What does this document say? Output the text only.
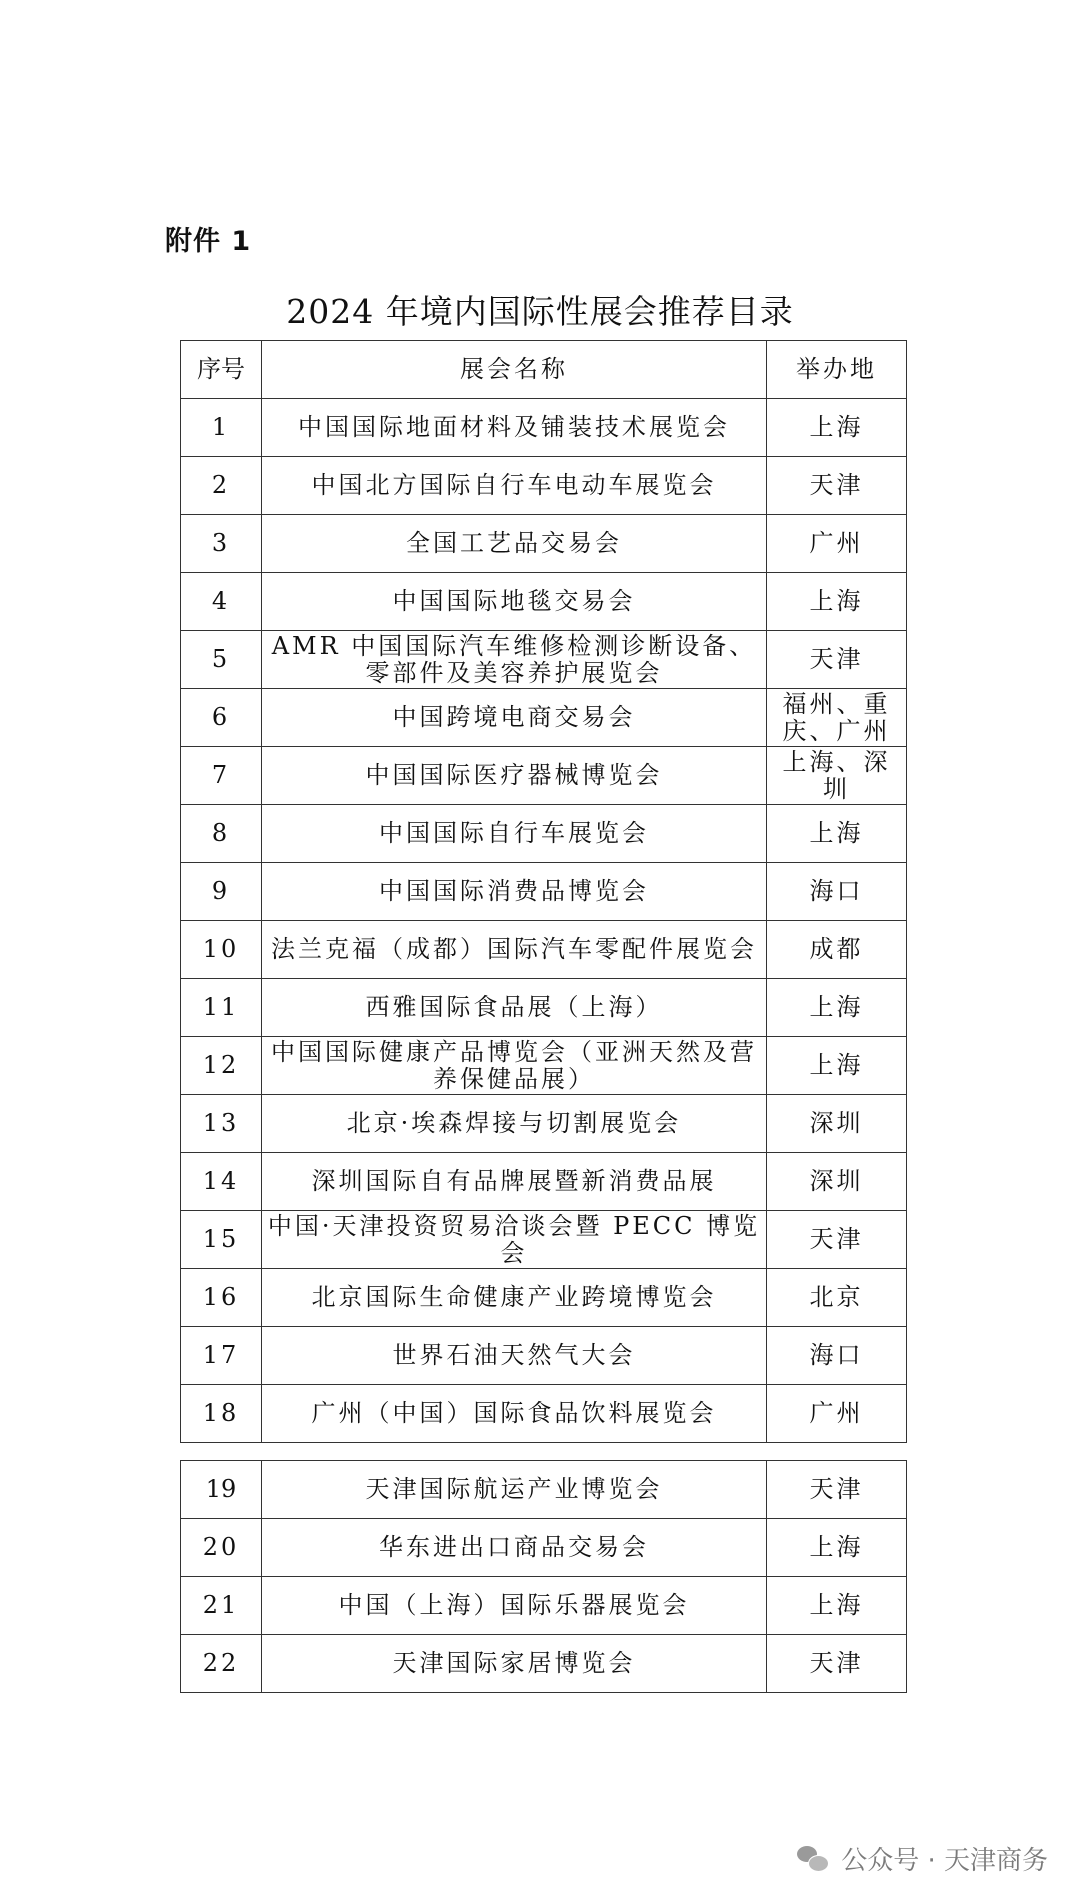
附件 1
2024 年境内国际性展会推荐目录
序号	展会名称	举办地
1	中国国际地面材料及铺装技术展览会	上海
2	中国北方国际自行车电动车展览会	天津
3	全国工艺品交易会	广州
4	中国国际地毯交易会	上海
5	AMR 中国国际汽车维修检测诊断设备、零部件及美容养护展览会	天津
6	中国跨境电商交易会	福州、重庆、广州
7	中国国际医疗器械博览会	上海、深圳
8	中国国际自行车展览会	上海
9	中国国际消费品博览会	海口
10	法兰克福（成都）国际汽车零配件展览会	成都
11	西雅国际食品展（上海）	上海
12	中国国际健康产品博览会（亚洲天然及营养保健品展）	上海
13	北京·埃森焊接与切割展览会	深圳
14	深圳国际自有品牌展暨新消费品展	深圳
15	中国·天津投资贸易洽谈会暨 PECC 博览会	天津
16	北京国际生命健康产业跨境博览会	北京
17	世界石油天然气大会	海口
18	广州（中国）国际食品饮料展览会	广州
19	天津国际航运产业博览会	天津
20	华东进出口商品交易会	上海
21	中国（上海）国际乐器展览会	上海
22	天津国际家居博览会	天津
公众号 · 天津商务
